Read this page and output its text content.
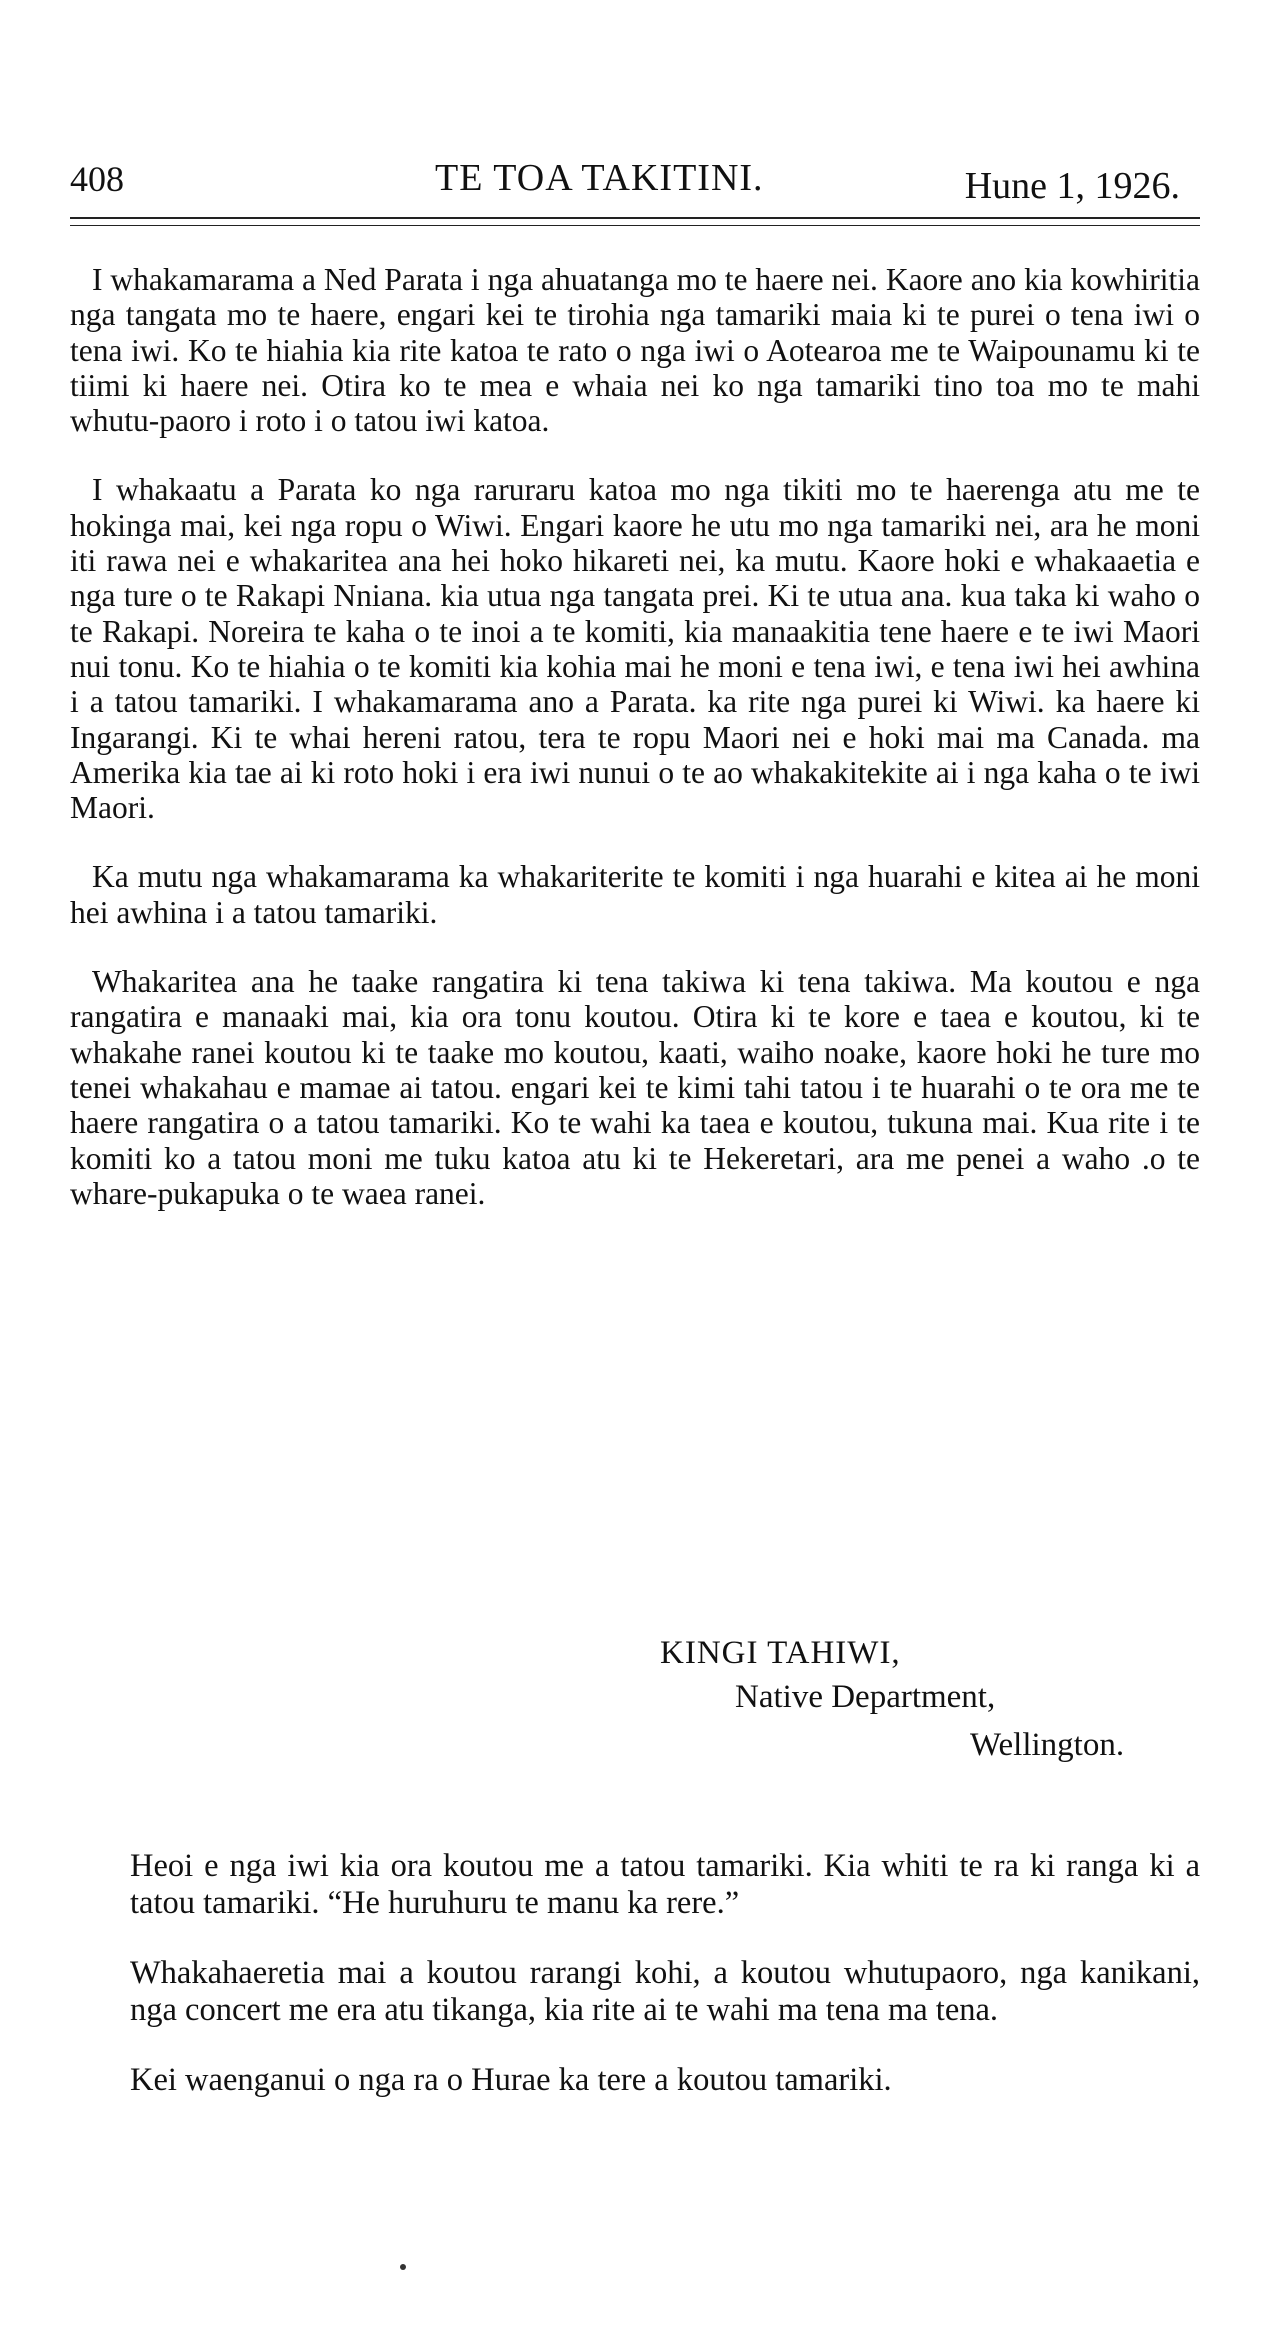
408	TE TOA TAKITINI.	Hune 1, 1926.

I whakamarama a Ned Parata i nga ahuatanga mo te haere nei. Kaore ano kia kowhiritia nga tangata mo te haere, engari kei te tirohia nga tamariki maia ki te purei o tena iwi o tena iwi. Ko te hiahia kia rite katoa te rato o nga iwi o Aotearoa me te Waipounamu ki te tiimi ki haere nei. Otira ko te mea e whaia nei ko nga tamariki tino toa mo te mahi whutu-paoro i roto i o tatou iwi katoa.

I whakaatu a Parata ko nga raruraru katoa mo nga tikiti mo te haerenga atu me te hokinga mai, kei nga ropu o Wiwi. Engari kaore he utu mo nga tamariki nei, ara he moni iti rawa nei e whakaritea ana hei hoko hikareti nei, ka mutu. Kaore hoki e whakaaetia e nga ture o te Rakapi Nniana. kia utua nga tangata prei. Ki te utua ana. kua taka ki waho o te Rakapi. Noreira te kaha o te inoi a te komiti, kia manaakitia tene haere e te iwi Maori nui tonu. Ko te hiahia o te komiti kia kohia mai he moni e tena iwi, e tena iwi hei awhina i a tatou tamariki. I whakamarama ano a Parata. ka rite nga purei ki Wiwi. ka haere ki Ingarangi. Ki te whai hereni ratou, tera te ropu Maori nei e hoki mai ma Canada. ma Amerika kia tae ai ki roto hoki i era iwi nunui o te ao whakakitekite ai i nga kaha o te iwi Maori.

Ka mutu nga whakamarama ka whakariterite te komiti i nga huarahi e kitea ai he moni hei awhina i a tatou tamariki.

Whakaritea ana he taake rangatira ki tena takiwa ki tena takiwa. Ma koutou e nga rangatira e manaaki mai, kia ora tonu koutou. Otira ki te kore e taea e koutou, ki te whakahe ranei koutou ki te taake mo koutou, kaati, waiho noake, kaore hoki he ture mo tenei whakahau e mamae ai tatou. engari kei te kimi tahi tatou i te huarahi o te ora me te haere rangatira o a tatou tamariki. Ko te wahi ka taea e koutou, tukuna mai. Kua rite i te komiti ko a tatou moni me tuku katoa atu ki te Hekeretari, ara me penei a waho .o te whare-pukapuka o te waea ranei.

KINGI TAHIWI,
Native Department,
Wellington.

Heoi e nga iwi kia ora koutou me a tatou tamariki. Kia whiti te ra ki ranga ki a tatou tamariki. “He huruhuru te manu ka rere.”

Whakahaeretia mai a koutou rarangi kohi, a koutou whutupaoro, nga kanikani, nga concert me era atu tikanga, kia rite ai te wahi ma tena ma tena.

Kei waenganui o nga ra o Hurae ka tere a koutou tamariki.
